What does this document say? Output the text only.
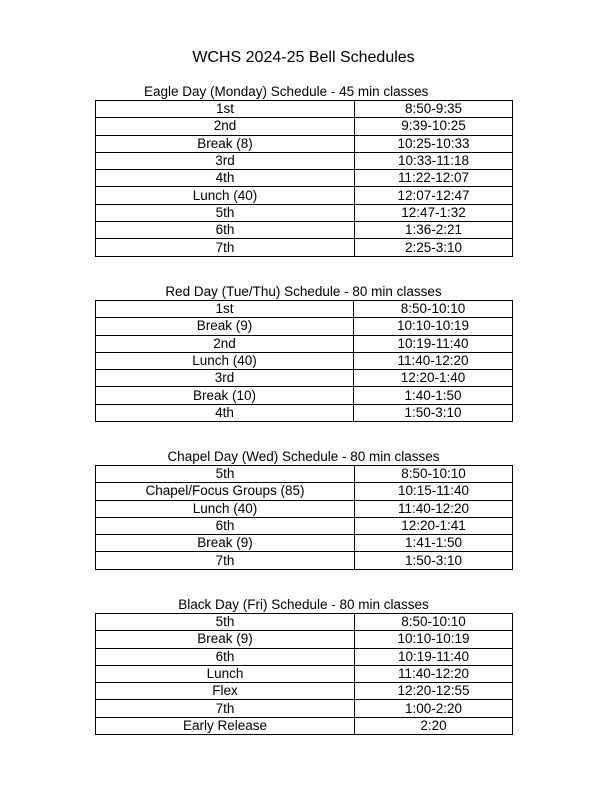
WCHS 2024-25 Bell Schedules
Eagle Day (Monday) Schedule - 45 min classes
1st	8:50-9:35
2nd	9:39-10:25
Break (8)	10:25-10:33
3rd	10:33-11:18
4th	11:22-12:07
Lunch (40)	12:07-12:47
5th	12:47-1:32
6th	1:36-2:21
7th	2:25-3:10
Red Day (Tue/Thu) Schedule - 80 min classes
1st	8:50-10:10
Break (9)	10:10-10:19
2nd	10:19-11:40
Lunch (40)	11:40-12:20
3rd	12:20-1:40
Break (10)	1:40-1:50
4th	1:50-3:10
Chapel Day (Wed) Schedule - 80 min classes
5th	8:50-10:10
Chapel/Focus Groups (85)	10:15-11:40
Lunch (40)	11:40-12:20
6th	12:20-1:41
Break (9)	1:41-1:50
7th	1:50-3:10
Black Day (Fri) Schedule - 80 min classes
5th	8:50-10:10
Break (9)	10:10-10:19
6th	10:19-11:40
Lunch	11:40-12:20
Flex	12:20-12:55
7th	1:00-2:20
Early Release	2:20
